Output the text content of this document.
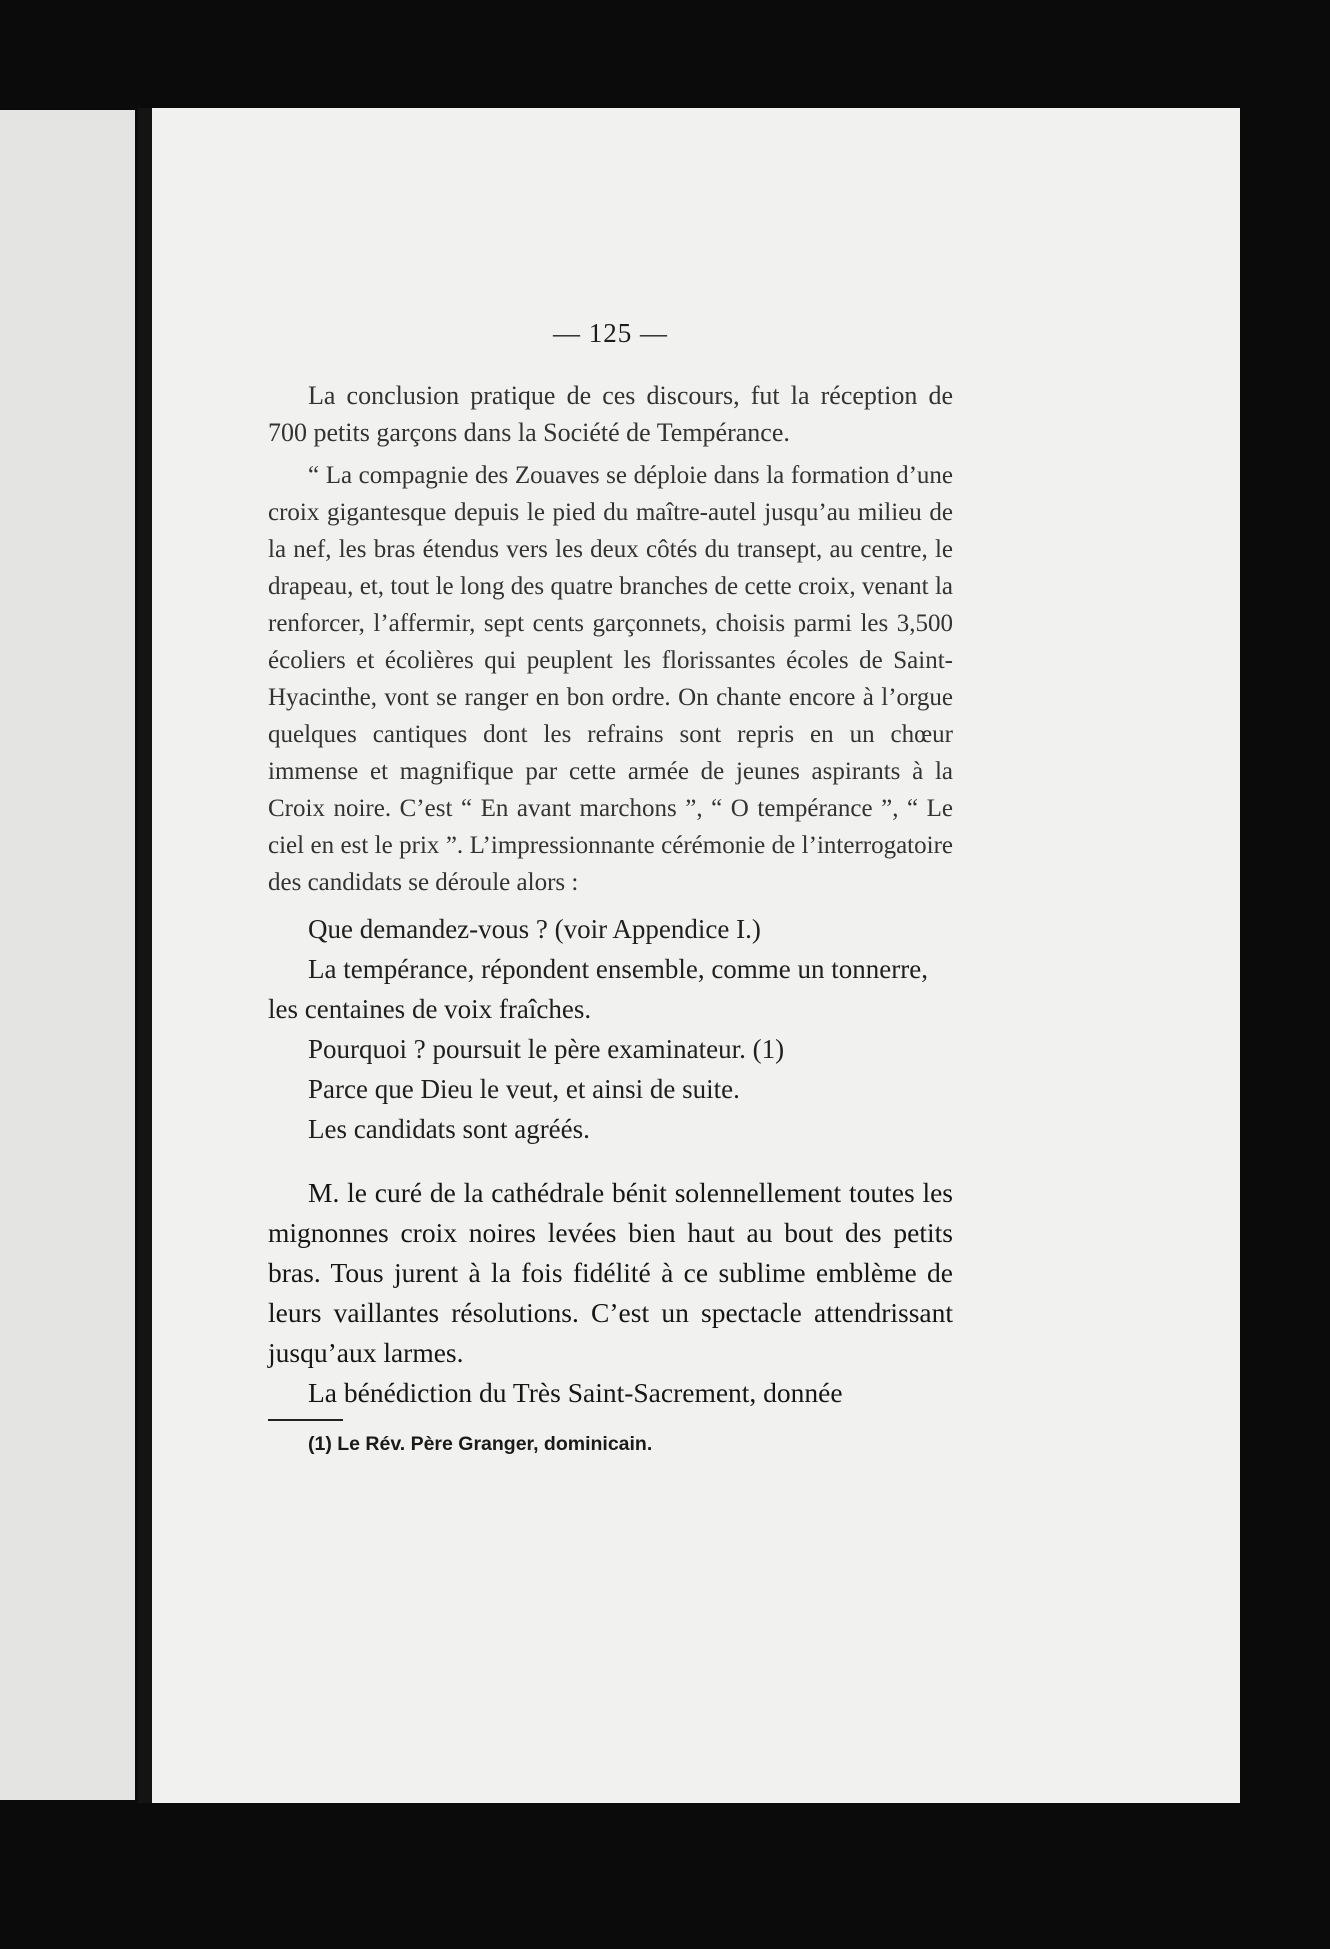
— 125 —

La conclusion pratique de ces discours, fut la réception de 700 petits garçons dans la Société de Tempérance.

“ La compagnie des Zouaves se déploie dans la formation d’une croix gigantesque depuis le pied du maître-autel jusqu’au milieu de la nef, les bras étendus vers les deux côtés du transept, au centre, le drapeau, et, tout le long des quatre branches de cette croix, venant la renforcer, l’affermir, sept cents garçonnets, choisis parmi les 3,500 écoliers et écolières qui peuplent les florissantes écoles de Saint-Hyacinthe, vont se ranger en bon ordre. On chante encore à l’orgue quelques cantiques dont les refrains sont repris en un chœur immense et magnifique par cette armée de jeunes aspirants à la Croix noire. C’est “ En avant marchons ”, “ O tempérance ”, “ Le ciel en est le prix ”. L’impressionnante cérémonie de l’interrogatoire des candidats se déroule alors :

Que demandez-vous ? (voir Appendice I.)

La tempérance, répondent ensemble, comme un tonnerre, les centaines de voix fraîches.

Pourquoi ? poursuit le père examinateur. (1)

Parce que Dieu le veut, et ainsi de suite.

Les candidats sont agréés.

M. le curé de la cathédrale bénit solennellement toutes les mignonnes croix noires levées bien haut au bout des petits bras. Tous jurent à la fois fidélité à ce sublime emblème de leurs vaillantes résolutions. C’est un spectacle attendrissant jusqu’aux larmes.

La bénédiction du Très Saint-Sacrement, donnée

(1) Le Rév. Père Granger, dominicain.
